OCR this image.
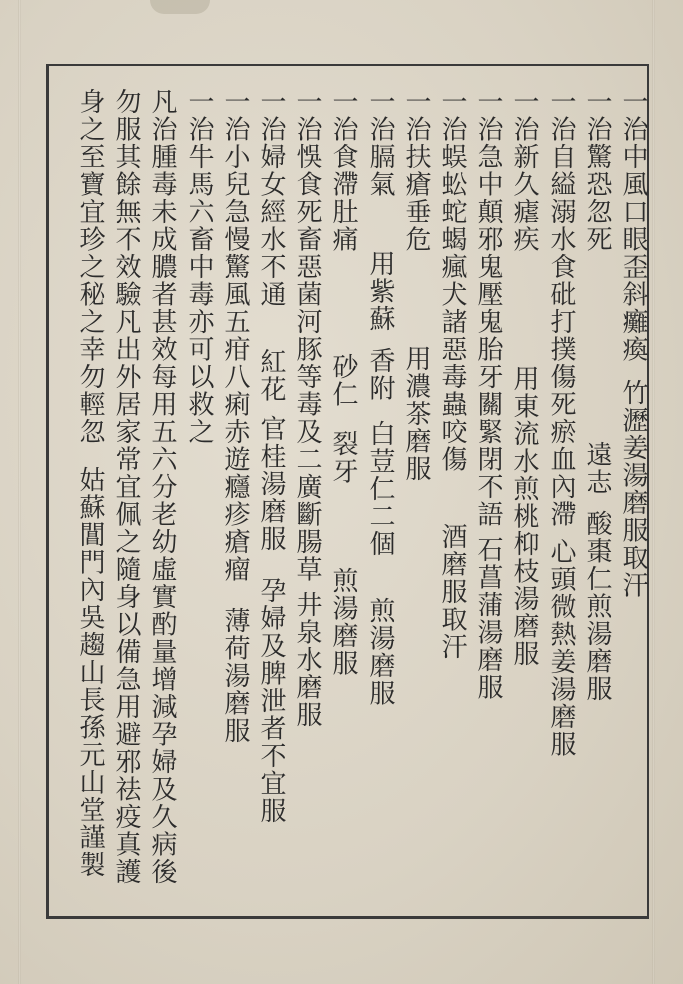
一治中風口眼歪斜癱瘓竹瀝姜湯磨服取汗
一治驚恐忽死遠志酸棗仁煎湯磨服
一治自縊溺水食砒打撲傷死瘀血內滯心頭微熱姜湯磨服
一治新久瘧疾用東流水煎桃枊枝湯磨服
一治急中顛邪鬼壓鬼胎牙關緊閉不語石菖蒲湯磨服
一治蜈蚣蛇蝎瘋犬諸惡毒蟲咬傷酒磨服取汗
一治扶瘡垂危用濃茶磨服
一治膈氣用紫蘇香附白荳仁二個煎湯磨服
一治食滯肚痛砂仁裂牙煎湯磨服
一治悞食死畜惡菌河豚等毒及二廣斷腸草井泉水磨服
一治婦女經水不通紅花官桂湯磨服孕婦及脾泄者不宜服
一治小兒急慢驚風五疳八痢赤遊癮疹瘡瘤薄荷湯磨服
一治牛馬六畜中毒亦可以救之
凡治腫毒未成膿者甚效每用五六分老幼虛實酌量增減孕婦及久病後
勿服其餘無不效驗凡出外居家常宜佩之隨身以備急用避邪祛疫真護
身之至寶宜珍之秘之幸勿輕忽姑蘇閶門內吳趨山長孫元山堂謹製
